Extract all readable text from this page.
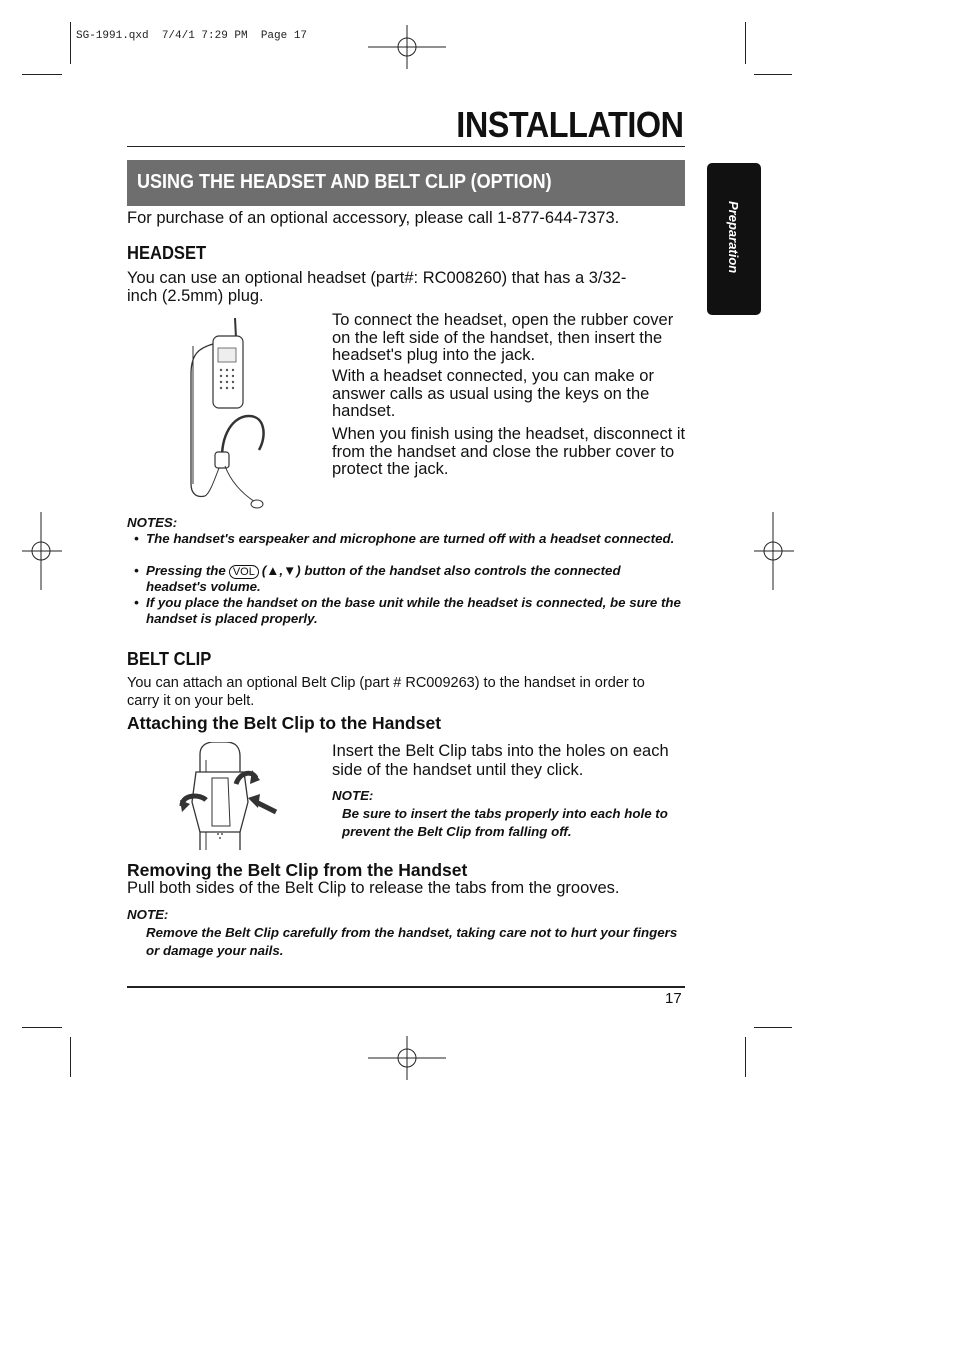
SG-1991.qxd  7/4/1 7:29 PM  Page 17
INSTALLATION
Preparation
USING THE HEADSET AND BELT CLIP (OPTION)
For purchase of an optional accessory, please call 1-877-644-7373.
HEADSET
You can use an optional headset (part#: RC008260) that has a 3/32-
inch (2.5mm) plug.
To connect the headset, open the rubber cover on the left side of the handset, then insert the headset's plug into the jack.
With a headset connected, you can make or answer calls as usual using the keys on the handset.
When you finish using the headset, disconnect it from the handset and close the rubber cover to protect the jack.
NOTES:
• The handset's earspeaker and microphone are turned off with a headset connected.
• Pressing the VOL (▲,▼) button of the handset also controls the connected headset's volume.
• If you place the handset on the base unit while the headset is connected, be sure the handset is placed properly.
BELT CLIP
You can attach an optional Belt Clip (part # RC009263) to the handset in order to carry it on your belt.
Attaching the Belt Clip to the Handset
Insert the Belt Clip tabs into the holes on each side of the handset until they click.
NOTE:
Be sure to insert the tabs properly into each hole to prevent the Belt Clip from falling off.
Removing the Belt Clip from the Handset
Pull both sides of the Belt Clip to release the tabs from the grooves.
NOTE:
Remove the Belt Clip carefully from the handset, taking care not to hurt your fingers or damage your nails.
17
